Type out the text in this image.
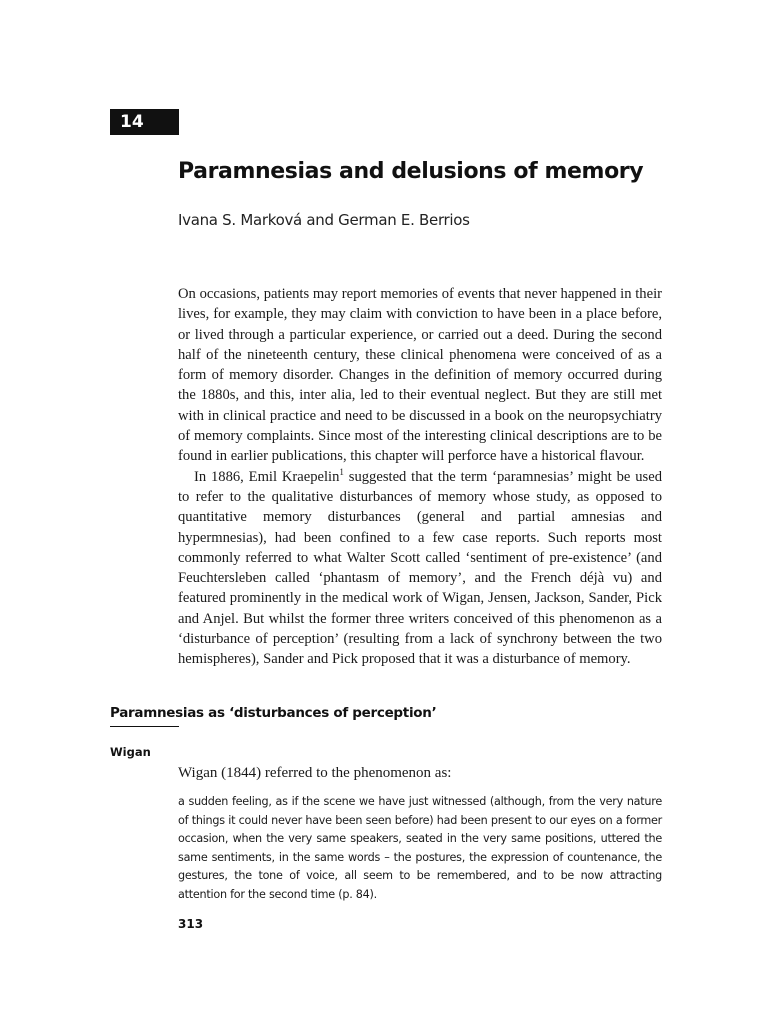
14
Paramnesias and delusions of memory
Ivana S. Marková and German E. Berrios

On occasions, patients may report memories of events that never happened in their lives, for example, they may claim with conviction to have been in a place before, or lived through a particular experience, or carried out a deed. During the second half of the nineteenth century, these clinical phenomena were conceived of as a form of memory disorder. Changes in the definition of memory occurred during the 1880s, and this, inter alia, led to their eventual neglect. But they are still met with in clinical practice and need to be discussed in a book on the neuropsychiatry of memory complaints. Since most of the interesting clinical descriptions are to be found in earlier publications, this chapter will perforce have a historical flavour.

In 1886, Emil Kraepelin$^1$ suggested that the term ‘paramnesias’ might be used to refer to the qualitative disturbances of memory whose study, as opposed to quantitative memory disturbances (general and partial amnesias and hypermnesias), had been confined to a few case reports. Such reports most commonly referred to what Walter Scott called ‘sentiment of pre-existence’ (and Feuchtersleben called ‘phantasm of memory’, and the French déjà vu) and featured prominently in the medical work of Wigan, Jensen, Jackson, Sander, Pick and Anjel. But whilst the former three writers conceived of this phenomenon as a ‘disturbance of perception’ (resulting from a lack of synchrony between the two hemispheres), Sander and Pick proposed that it was a disturbance of memory.

Paramnesias as ‘disturbances of perception’
Wigan
Wigan (1844) referred to the phenomenon as:

a sudden feeling, as if the scene we have just witnessed (although, from the very nature of things it could never have been seen before) had been present to our eyes on a former occasion, when the very same speakers, seated in the very same positions, uttered the same sentiments, in the same words – the postures, the expression of countenance, the gestures, the tone of voice, all seem to be remembered, and to be now attracting attention for the second time (p. 84).

313
